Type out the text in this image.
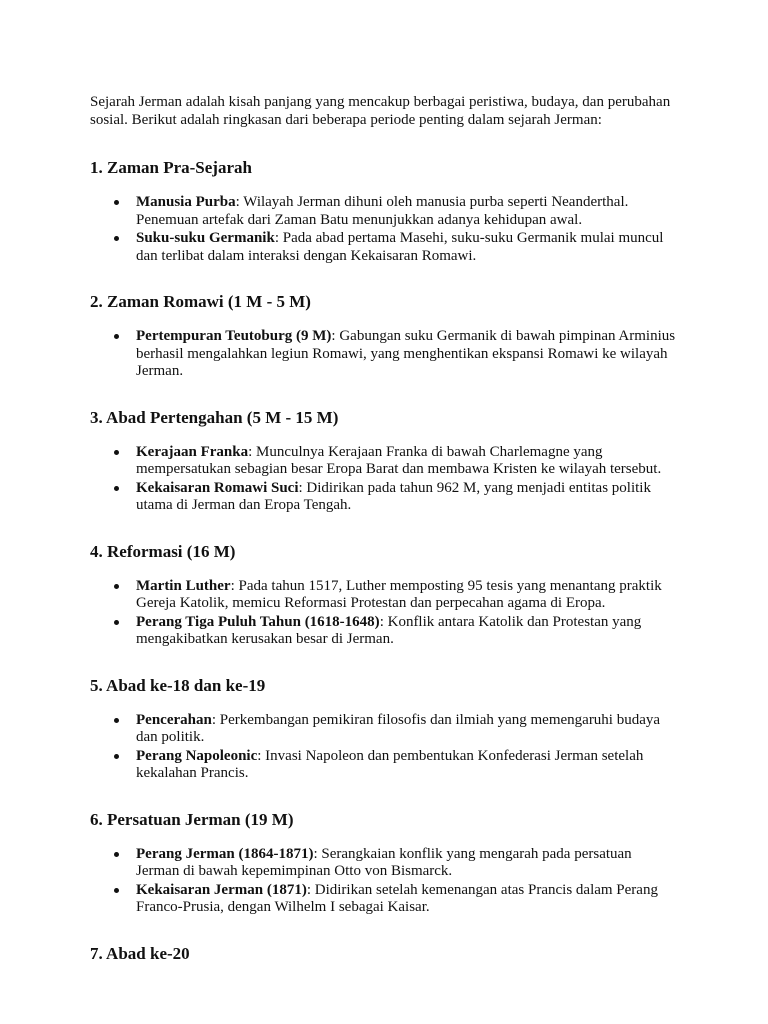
Sejarah Jerman adalah kisah panjang yang mencakup berbagai peristiwa, budaya, dan perubahan sosial. Berikut adalah ringkasan dari beberapa periode penting dalam sejarah Jerman:

1. Zaman Pra-Sejarah
Manusia Purba: Wilayah Jerman dihuni oleh manusia purba seperti Neanderthal. Penemuan artefak dari Zaman Batu menunjukkan adanya kehidupan awal.
Suku-suku Germanik: Pada abad pertama Masehi, suku-suku Germanik mulai muncul dan terlibat dalam interaksi dengan Kekaisaran Romawi.
2. Zaman Romawi (1 M - 5 M)
Pertempuran Teutoburg (9 M): Gabungan suku Germanik di bawah pimpinan Arminius berhasil mengalahkan legiun Romawi, yang menghentikan ekspansi Romawi ke wilayah Jerman.
3. Abad Pertengahan (5 M - 15 M)
Kerajaan Franka: Munculnya Kerajaan Franka di bawah Charlemagne yang mempersatukan sebagian besar Eropa Barat dan membawa Kristen ke wilayah tersebut.
Kekaisaran Romawi Suci: Didirikan pada tahun 962 M, yang menjadi entitas politik utama di Jerman dan Eropa Tengah.
4. Reformasi (16 M)
Martin Luther: Pada tahun 1517, Luther memposting 95 tesis yang menantang praktik Gereja Katolik, memicu Reformasi Protestan dan perpecahan agama di Eropa.
Perang Tiga Puluh Tahun (1618-1648): Konflik antara Katolik dan Protestan yang mengakibatkan kerusakan besar di Jerman.
5. Abad ke-18 dan ke-19
Pencerahan: Perkembangan pemikiran filosofis dan ilmiah yang memengaruhi budaya dan politik.
Perang Napoleonic: Invasi Napoleon dan pembentukan Konfederasi Jerman setelah kekalahan Prancis.
6. Persatuan Jerman (19 M)
Perang Jerman (1864-1871): Serangkaian konflik yang mengarah pada persatuan Jerman di bawah kepemimpinan Otto von Bismarck.
Kekaisaran Jerman (1871): Didirikan setelah kemenangan atas Prancis dalam Perang Franco-Prusia, dengan Wilhelm I sebagai Kaisar.
7. Abad ke-20
